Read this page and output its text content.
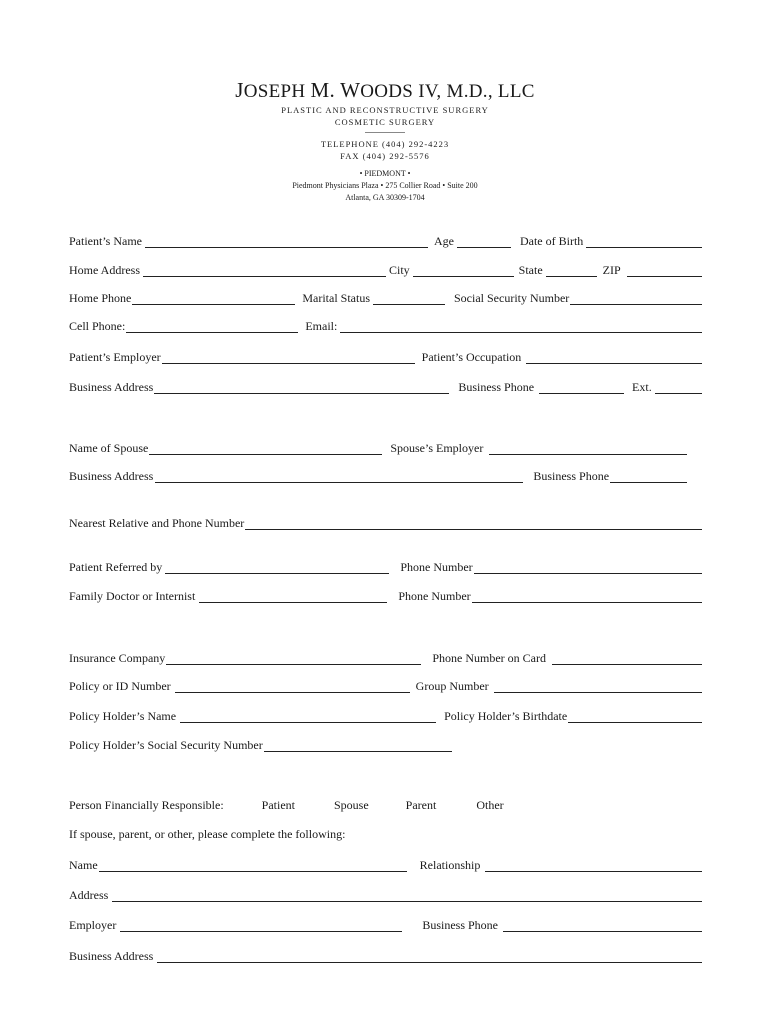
JOSEPH M. WOODS IV, M.D., LLC
PLASTIC AND RECONSTRUCTIVE SURGERY
COSMETIC SURGERY
TELEPHONE (404) 292-4223
FAX (404) 292-5576
• PIEDMONT •
Piedmont Physicians Plaza • 275 Collier Road • Suite 200
Atlanta, GA 30309-1704
Patient’s Name	Age	Date of Birth
Home Address	City	State	ZIP
Home Phone	Marital Status	Social Security Number
Cell Phone:	Email:
Patient’s Employer	Patient’s Occupation
Business Address	Business Phone	Ext.
Name of Spouse	Spouse’s Employer
Business Address	Business Phone
Nearest Relative and Phone Number
Patient Referred by	Phone Number
Family Doctor or Internist	Phone Number
Insurance Company	Phone Number on Card
Policy or ID Number	Group Number
Policy Holder’s Name	Policy Holder’s Birthdate
Policy Holder’s Social Security Number
Person Financially Responsible:	Patient	Spouse	Parent	Other
If spouse, parent, or other, please complete the following:
Name	Relationship
Address
Employer	Business Phone
Business Address
